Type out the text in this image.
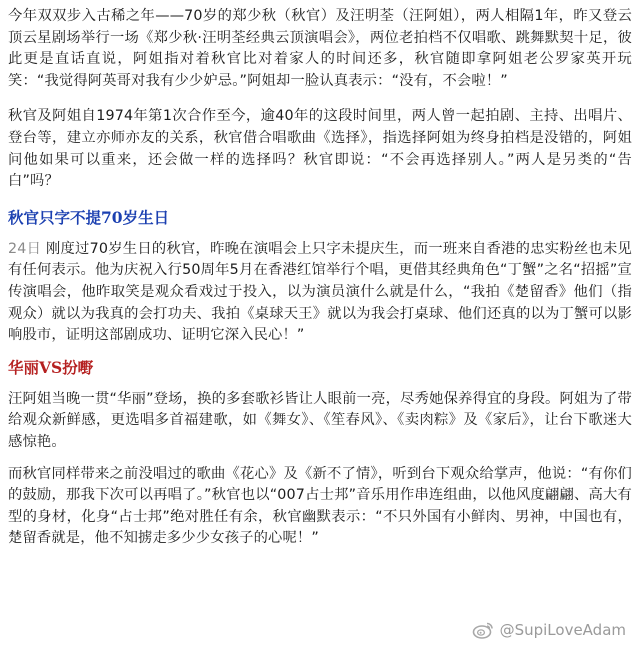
今年双双步入古稀之年——70岁的郑少秋（秋官）及汪明荃（汪阿姐），两人相隔1年，昨又登云顶云星剧场举行一场《郑少秋·汪明荃经典云顶演唱会》，两位老拍档不仅唱歌、跳舞默契十足，彼此更是直话直说，阿姐指对着秋官比对着家人的时间还多，秋官随即拿阿姐老公罗家英开玩笑：“我觉得阿英哥对我有少少妒忌。”阿姐却一脸认真表示：“没有，不会啦！”

秋官及阿姐自1974年第1次合作至今，逾40年的这段时间里，两人曾一起拍剧、主持、出唱片、登台等，建立亦师亦友的关系，秋官借合唱歌曲《选择》，指选择阿姐为终身拍档是没错的，阿姐问他如果可以重来，还会做一样的选择吗？秋官即说：“不会再选择别人。”两人是另类的“告白”吗？

秋官只字不提70岁生日

24日 刚度过70岁生日的秋官，昨晚在演唱会上只字未提庆生，而一班来自香港的忠实粉丝也未见有任何表示。他为庆祝入行50周年5月在香港红馆举行个唱，更借其经典角色“丁蟹”之名“招摇”宣传演唱会，他昨取笑是观众看戏过于投入，以为演员演什么就是什么，“我拍《楚留香》他们（指观众）就以为我真的会打功夫、我拍《桌球天王》就以为我会打桌球、他们还真的以为丁蟹可以影响股市，证明这部剧成功、证明它深入民心！”

华丽VS扮嘢

汪阿姐当晚一贯“华丽”登场，换的多套歌衫皆让人眼前一亮，尽秀她保养得宜的身段。阿姐为了带给观众新鲜感，更选唱多首福建歌，如《舞女》、《笙春风》、《卖肉粽》及《家后》，让台下歌迷大感惊艳。

而秋官同样带来之前没唱过的歌曲《花心》及《新不了情》，听到台下观众给掌声，他说：“有你们的鼓励，那我下次可以再唱了。”秋官也以“007占士邦”音乐用作串连组曲，以他风度翩翩、高大有型的身材，化身“占士邦”绝对胜任有余，秋官幽默表示：“不只外国有小鲜肉、男神，中国也有，楚留香就是，他不知掳走多少少女孩子的心呢！”

@SupiLoveAdam
